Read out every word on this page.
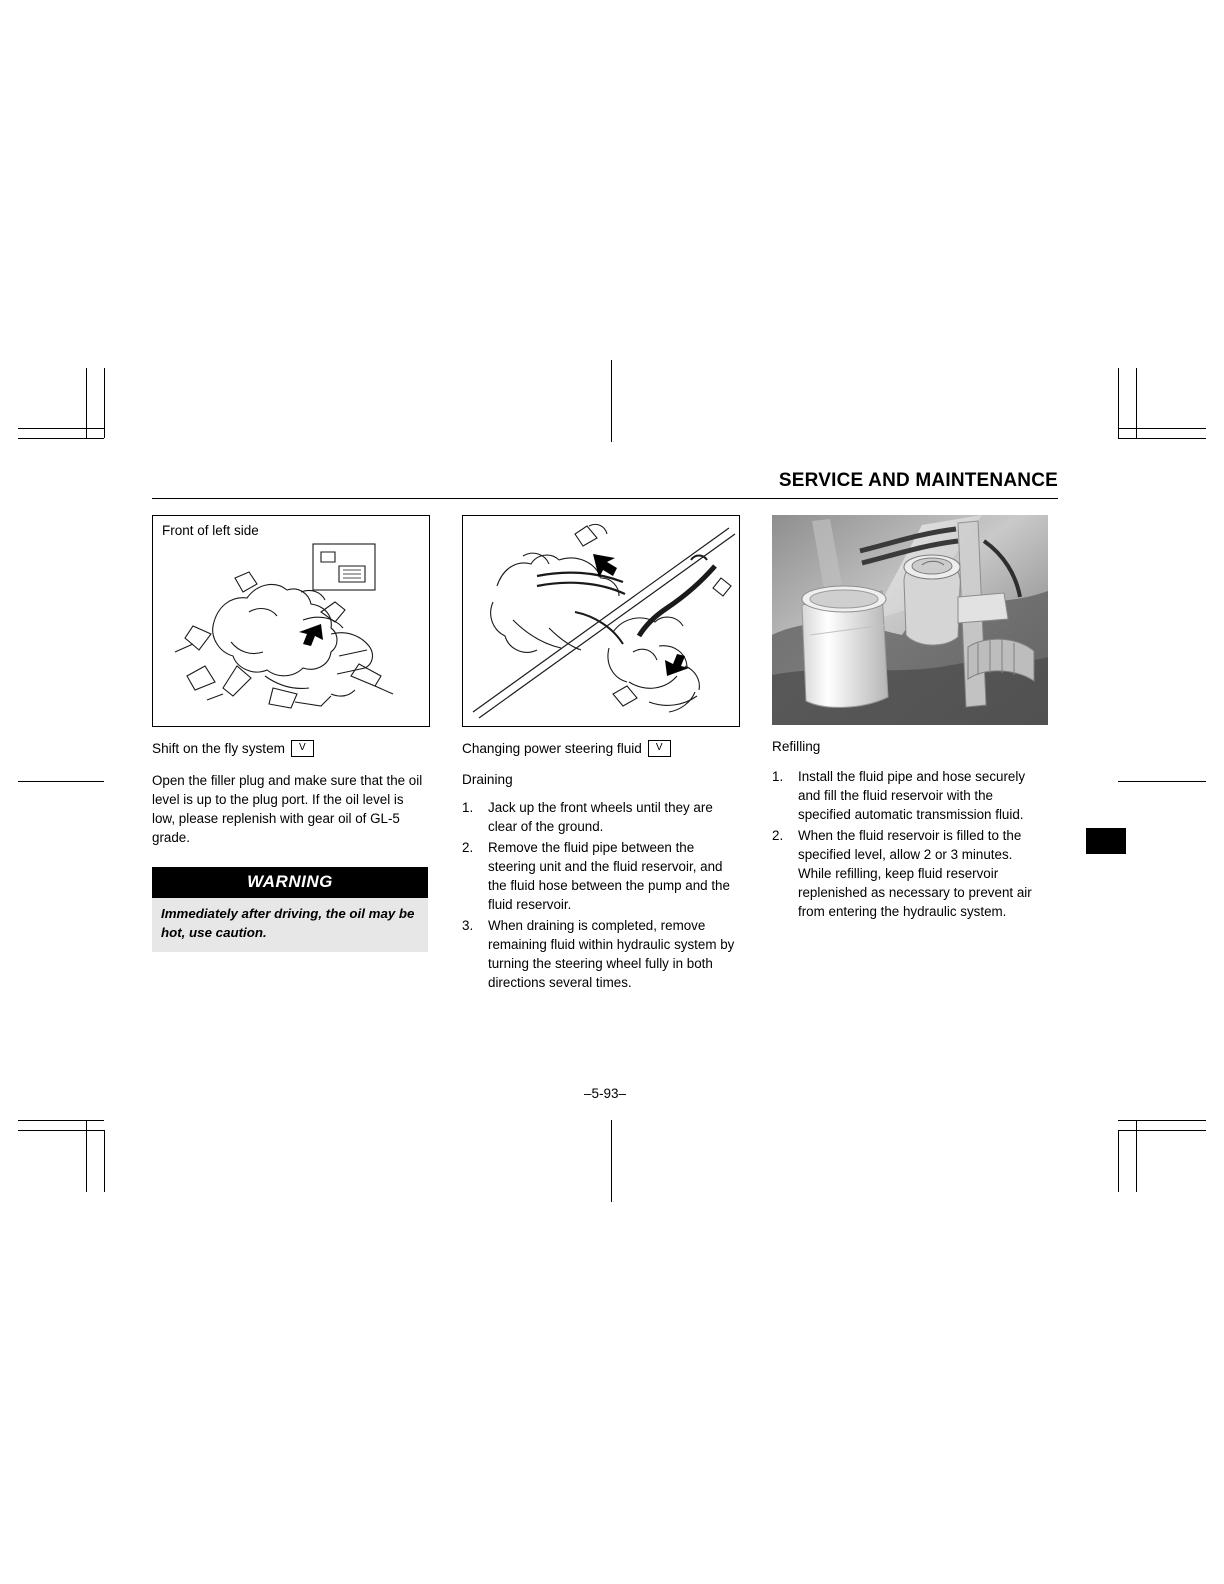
SERVICE AND MAINTENANCE
Front of left side
Shift on the fly system	V
Open the filler plug and make sure that the oil level is up to the plug port. If the oil level is low, please replenish with gear oil of GL-5 grade.
WARNING
Immediately after driving, the oil may be hot, use caution.
Changing power steering fluid	V
Draining
1.	Jack up the front wheels until they are clear of the ground.
2.	Remove the fluid pipe between the steering unit and the fluid reservoir, and the fluid hose between the pump and the fluid reservoir.
3.	When draining is completed, remove remaining fluid within hydraulic system by turning the steering wheel fully in both directions several times.
Refilling
1.	Install the fluid pipe and hose securely and fill the fluid reservoir with the specified automatic transmission fluid.
2.	When the fluid reservoir is filled to the specified level, allow 2 or 3 minutes. While refilling, keep fluid reservoir replenished as necessary to prevent air from entering the hydraulic system.
–5-93–
